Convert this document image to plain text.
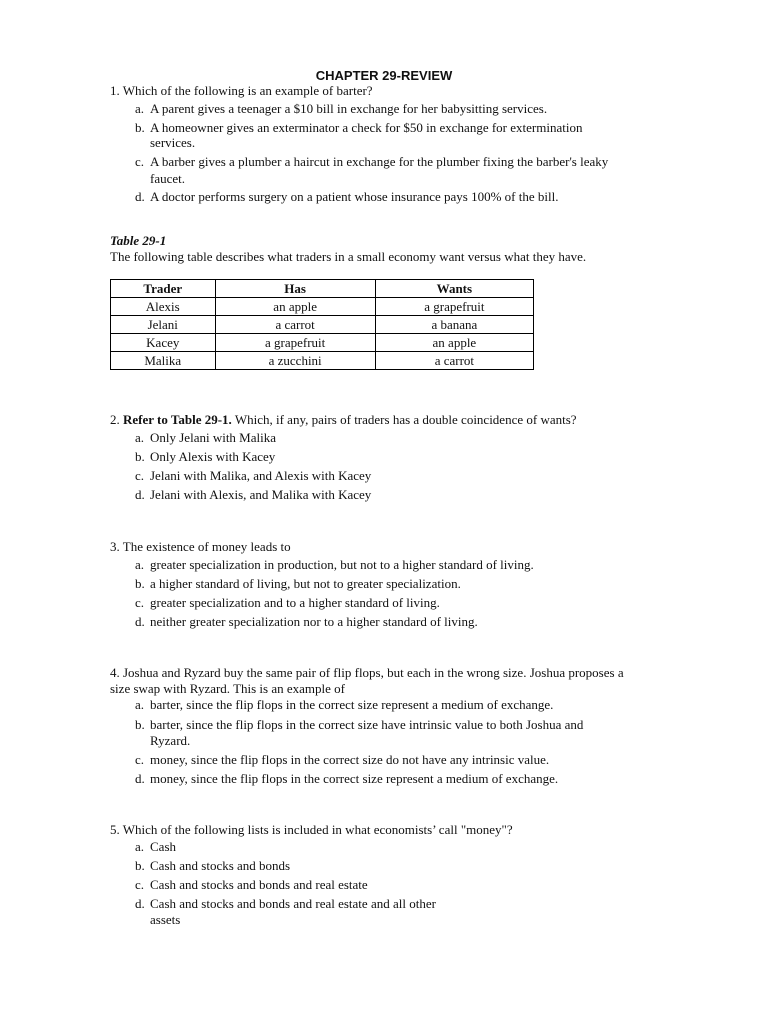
CHAPTER 29-REVIEW
1. Which of the following is an example of barter?
a. A parent gives a teenager a $10 bill in exchange for her babysitting services.
b. A homeowner gives an exterminator a check for $50 in exchange for extermination
services.
c. A barber gives a plumber a haircut in exchange for the plumber fixing the barber's leaky
faucet.
d. A doctor performs surgery on a patient whose insurance pays 100% of the bill.
Table 29-1
The following table describes what traders in a small economy want versus what they have.
Trader	Has	Wants
Alexis	an apple	a grapefruit
Jelani	a carrot	a banana
Kacey	a grapefruit	an apple
Malika	a zucchini	a carrot
2. Refer to Table 29-1. Which, if any, pairs of traders has a double coincidence of wants?
a. Only Jelani with Malika
b. Only Alexis with Kacey
c. Jelani with Malika, and Alexis with Kacey
d. Jelani with Alexis, and Malika with Kacey
3. The existence of money leads to
a. greater specialization in production, but not to a higher standard of living.
b. a higher standard of living, but not to greater specialization.
c. greater specialization and to a higher standard of living.
d. neither greater specialization nor to a higher standard of living.
4. Joshua and Ryzard buy the same pair of flip flops, but each in the wrong size. Joshua proposes a
size swap with Ryzard. This is an example of
a. barter, since the flip flops in the correct size represent a medium of exchange.
b. barter, since the flip flops in the correct size have intrinsic value to both Joshua and
Ryzard.
c. money, since the flip flops in the correct size do not have any intrinsic value.
d. money, since the flip flops in the correct size represent a medium of exchange.
5. Which of the following lists is included in what economists’ call "money"?
a. Cash
b. Cash and stocks and bonds
c. Cash and stocks and bonds and real estate
d. Cash and stocks and bonds and real estate and all other
assets
